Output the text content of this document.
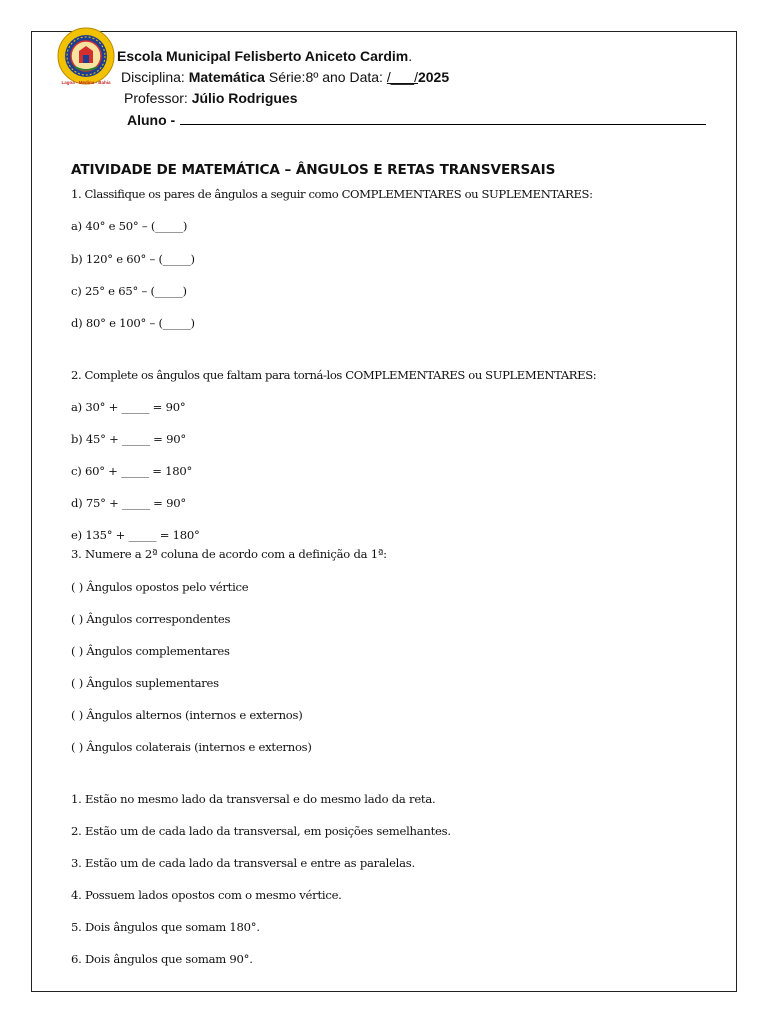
Lagoa - Medina - Bahia
Escola Municipal Felisberto Aniceto Cardim.
Disciplina: Matemática Série:8º ano Data: /___/2025
Professor: Júlio Rodrigues
Aluno -
ATIVIDADE DE MATEMÁTICA – ÂNGULOS E RETAS TRANSVERSAIS
1. Classifique os pares de ângulos a seguir como COMPLEMENTARES ou SUPLEMENTARES:
a) 40° e 50° – (_____)
b) 120° e 60° – (_____)
c) 25° e 65° – (_____)
d) 80° e 100° – (_____)
2. Complete os ângulos que faltam para torná-los COMPLEMENTARES ou SUPLEMENTARES:
a) 30° + _____ = 90°
b) 45° + _____ = 90°
c) 60° + _____ = 180°
d) 75° + _____ = 90°
e) 135° + _____ = 180°
3. Numere a 2ª coluna de acordo com a definição da 1ª:
( ) Ângulos opostos pelo vértice
( ) Ângulos correspondentes
( ) Ângulos complementares
( ) Ângulos suplementares
( ) Ângulos alternos (internos e externos)
( ) Ângulos colaterais (internos e externos)
1. Estão no mesmo lado da transversal e do mesmo lado da reta.
2. Estão um de cada lado da transversal, em posições semelhantes.
3. Estão um de cada lado da transversal e entre as paralelas.
4. Possuem lados opostos com o mesmo vértice.
5. Dois ângulos que somam 180°.
6. Dois ângulos que somam 90°.
